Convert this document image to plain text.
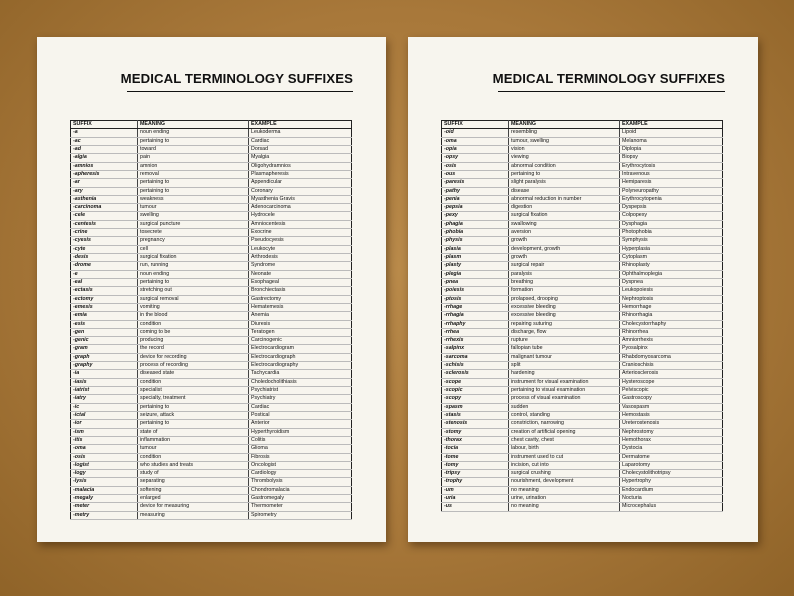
MEDICAL TERMINOLOGY SUFFIXES
SUFFIX	MEANING	EXAMPLE
-a	noun ending	Leukoderma
-ac	pertaining to	Cardiac
-ad	toward	Dorsad
-algia	pain	Myalgia
-amnios	amnion	Oligohydramnios
-apheresis	removal	Plasmapheresis
-ar	pertaining to	Appendicular
-ary	pertaining to	Coronary
-asthenia	weakness	Myasthenia Gravis
-carcinoma	tumour	Adenocarcinoma
-cele	swelling	Hydrocele
-centesis	surgical puncture	Amniocentesis
-crine	tosecrete	Exocrine
-cyesis	pregnancy	Pseudocyesis
-cyte	cell	Leukocyte
-desis	surgical fixation	Arthrodesis
-drome	run, running	Syndrome
-e	noun ending	Neonate
-eal	pertaining to	Esophageal
-ectasis	stretching out	Bronchiectasis
-ectomy	surgical removal	Gastrectomy
-emesis	vomiting	Hematemesis
-emia	in the blood	Anemia
-esis	condition	Diuresis
-gen	coming to be	Teratogen
-genic	producing	Carcinogenic
-gram	the record	Electrocardiogram
-graph	device for recording	Electrocardiograph
-graphy	process of recording	Electrocardiography
-ia	diseased state	Tachycardia
-iasis	condition	Choledocholithiasis
-iatrist	specialist	Psychiatrist
-iatry	specialty, treatment	Psychiatry
-ic	pertaining to	Cardiac
-ictal	seizure, attack	Postical
-ior	pertaining to	Anterior
-ism	state of	Hyperthyroidism
-itis	inflammation	Colitis
-oma	tumour	Glioma
-osis	condition	Fibrosis
-logist	who studies and treats	Oncologist
-logy	study of	Cardiology
-lysis	separating	Thrombolysis
-malacia	softening	Chondromalacia
-megaly	enlarged	Gastromegaly
-meter	device for measuring	Thermometer
-metry	measuring	Spirometry
MEDICAL TERMINOLOGY SUFFIXES
SUFFIX	MEANING	EXAMPLE
-oid	resembling	Lipoid
-oma	tumour, swelling	Melanoma
-opia	vision	Diplopia
-opsy	viewing	Biopsy
-osis	abnormal condition	Erythrocytosis
-ous	pertaining to	Intravenous
-paresis	slight paralysis	Hemiparesis
-pathy	disease	Polyneuropathy
-penia	abnormal reduction in number	Erythrocytopenia
-pepsia	digestion	Dyspepsis
-pexy	surgical fixation	Colpopexy
-phagia	swallowing	Dysphagia
-phobia	aversion	Photophobia
-physis	growth	Symphysis
-plasia	development, growth	Hyperplasia
-plasm	growth	Cytoplasm
-plasty	surgical repair	Rhinoplasty
-plegia	paralysis	Ophthalmoplegia
-pnea	breathing	Dyspnea
-poiesis	formation	Leukopoiesis
-ptosis	prolapsed, drooping	Nephroptosis
-rrhage	excessive bleeding	Hemorrhage
-rrhagia	excessive bleeding	Rhinorrhagia
-rrhaphy	repairing suturing	Cholecystorrhaphy
-rrhea	discharge, flow	Rhinorrhea
-rrhexis	rupture	Amniorrhexis
-salpinx	fallopian tube	Pyosalpinx
-sarcoma	malignant tumour	Rhabdomyosarcoma
-schisis	split	Cranioschisis
-sclerosis	hardening	Arteriosclerosis
-scope	instrument for visual examination	Hysteroscope
-scopic	pertaining to visual examination	Pelviscopic
-scopy	process of visual examination	Gastroscopy
-spasm	sudden	Vasospasm
-stasis	control, standing	Hemostasis
-stenosis	constriction, narrowing	Ureterostenosis
-stomy	creation of artificial opening	Nephrostomy
-thorax	chest cavity, chest	Hemothorax
-tocia	labour, birth	Dystocia
-tome	instrument used to cut	Dermatome
-tomy	incision, cut into	Laparotomy
-tripsy	surgical crushing	Cholecystolithotripsy
-trophy	nourishment, development	Hypertrophy
-um	no meaning	Endocardium
-uria	urine, urination	Nocturia
-us	no meaning	Microcephalus
